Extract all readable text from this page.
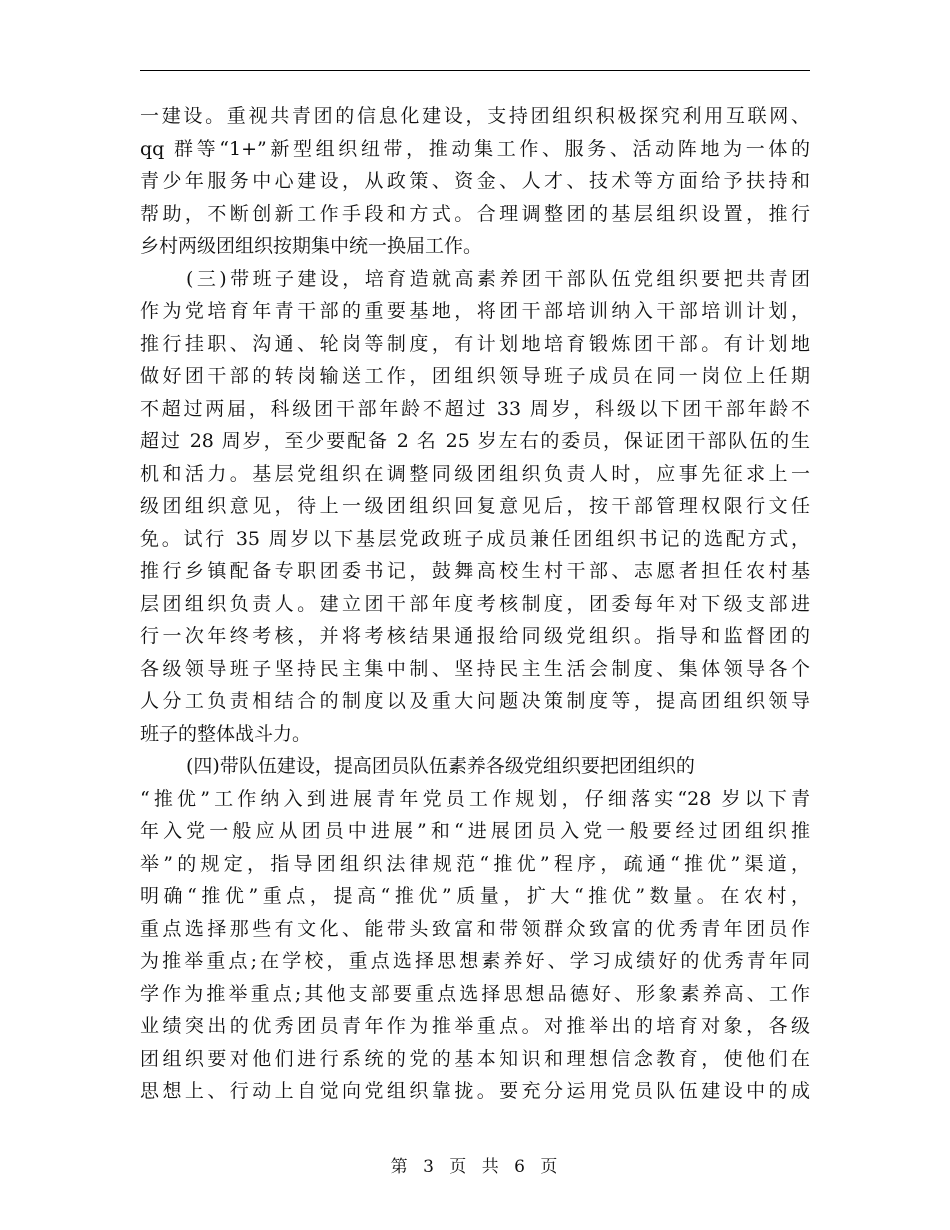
一建设。重视共青团的信息化建设，支持团组织积极探究利用互联网、
qq 群等“1+”新型组织纽带，推动集工作、服务、活动阵地为一体的
青少年服务中心建设，从政策、资金、人才、技术等方面给予扶持和
帮助，不断创新工作手段和方式。合理调整团的基层组织设置，推行
乡村两级团组织按期集中统一换届工作。
(三)带班子建设，培育造就高素养团干部队伍党组织要把共青团
作为党培育年青干部的重要基地，将团干部培训纳入干部培训计划，
推行挂职、沟通、轮岗等制度，有计划地培育锻炼团干部。有计划地
做好团干部的转岗输送工作，团组织领导班子成员在同一岗位上任期
不超过两届，科级团干部年龄不超过 33 周岁，科级以下团干部年龄不
超过 28 周岁，至少要配备 2 名 25 岁左右的委员，保证团干部队伍的生
机和活力。基层党组织在调整同级团组织负责人时，应事先征求上一
级团组织意见，待上一级团组织回复意见后，按干部管理权限行文任
免。试行 35 周岁以下基层党政班子成员兼任团组织书记的选配方式，
推行乡镇配备专职团委书记，鼓舞高校生村干部、志愿者担任农村基
层团组织负责人。建立团干部年度考核制度，团委每年对下级支部进
行一次年终考核，并将考核结果通报给同级党组织。指导和监督团的
各级领导班子坚持民主集中制、坚持民主生活会制度、集体领导各个
人分工负责相结合的制度以及重大问题决策制度等，提高团组织领导
班子的整体战斗力。
(四)带队伍建设，提高团员队伍素养各级党组织要把团组织的
“推优”工作纳入到进展青年党员工作规划，仔细落实“28 岁以下青
年入党一般应从团员中进展”和“进展团员入党一般要经过团组织推
举”的规定，指导团组织法律规范“推优”程序，疏通“推优”渠道，
明确“推优”重点，提高“推优”质量，扩大“推优”数量。在农村，
重点选择那些有文化、能带头致富和带领群众致富的优秀青年团员作
为推举重点;在学校，重点选择思想素养好、学习成绩好的优秀青年同
学作为推举重点;其他支部要重点选择思想品德好、形象素养高、工作
业绩突出的优秀团员青年作为推举重点。对推举出的培育对象，各级
团组织要对他们进行系统的党的基本知识和理想信念教育，使他们在
思想上、行动上自觉向党组织靠拢。要充分运用党员队伍建设中的成
第 3 页 共 6 页
